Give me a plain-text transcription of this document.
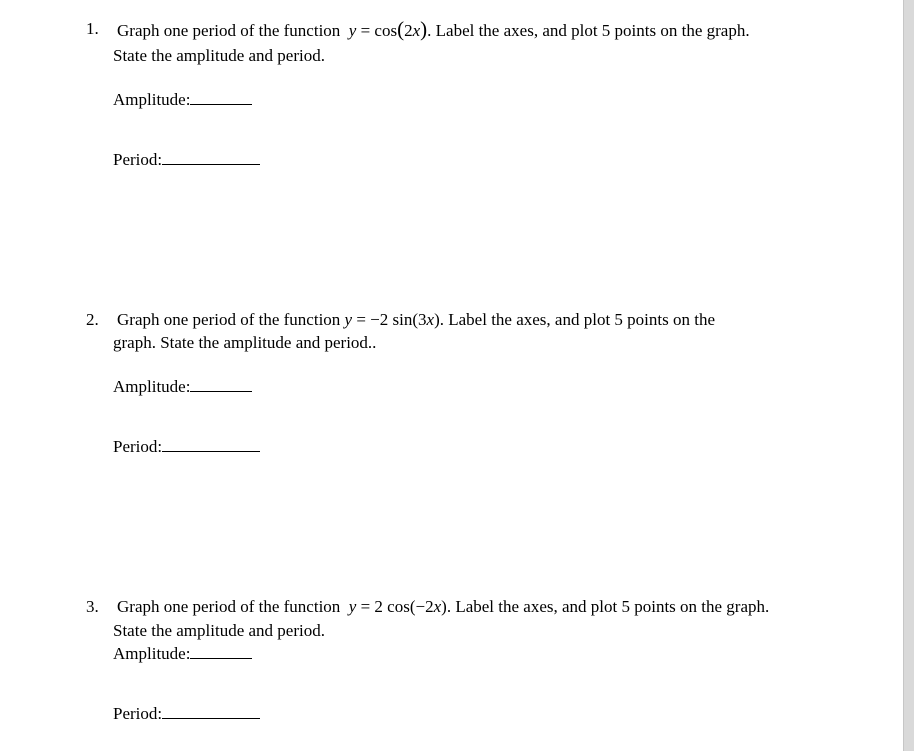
1. Graph one period of the function y = cos(2x). Label the axes, and plot 5 points on the graph.
State the amplitude and period.
Amplitude:
Period:
2. Graph one period of the function y = −2 sin(3x). Label the axes, and plot 5 points on the
graph. State the amplitude and period..
Amplitude:
Period:
3. Graph one period of the function y = 2 cos(−2x). Label the axes, and plot 5 points on the graph.
State the amplitude and period.
Amplitude:
Period:
